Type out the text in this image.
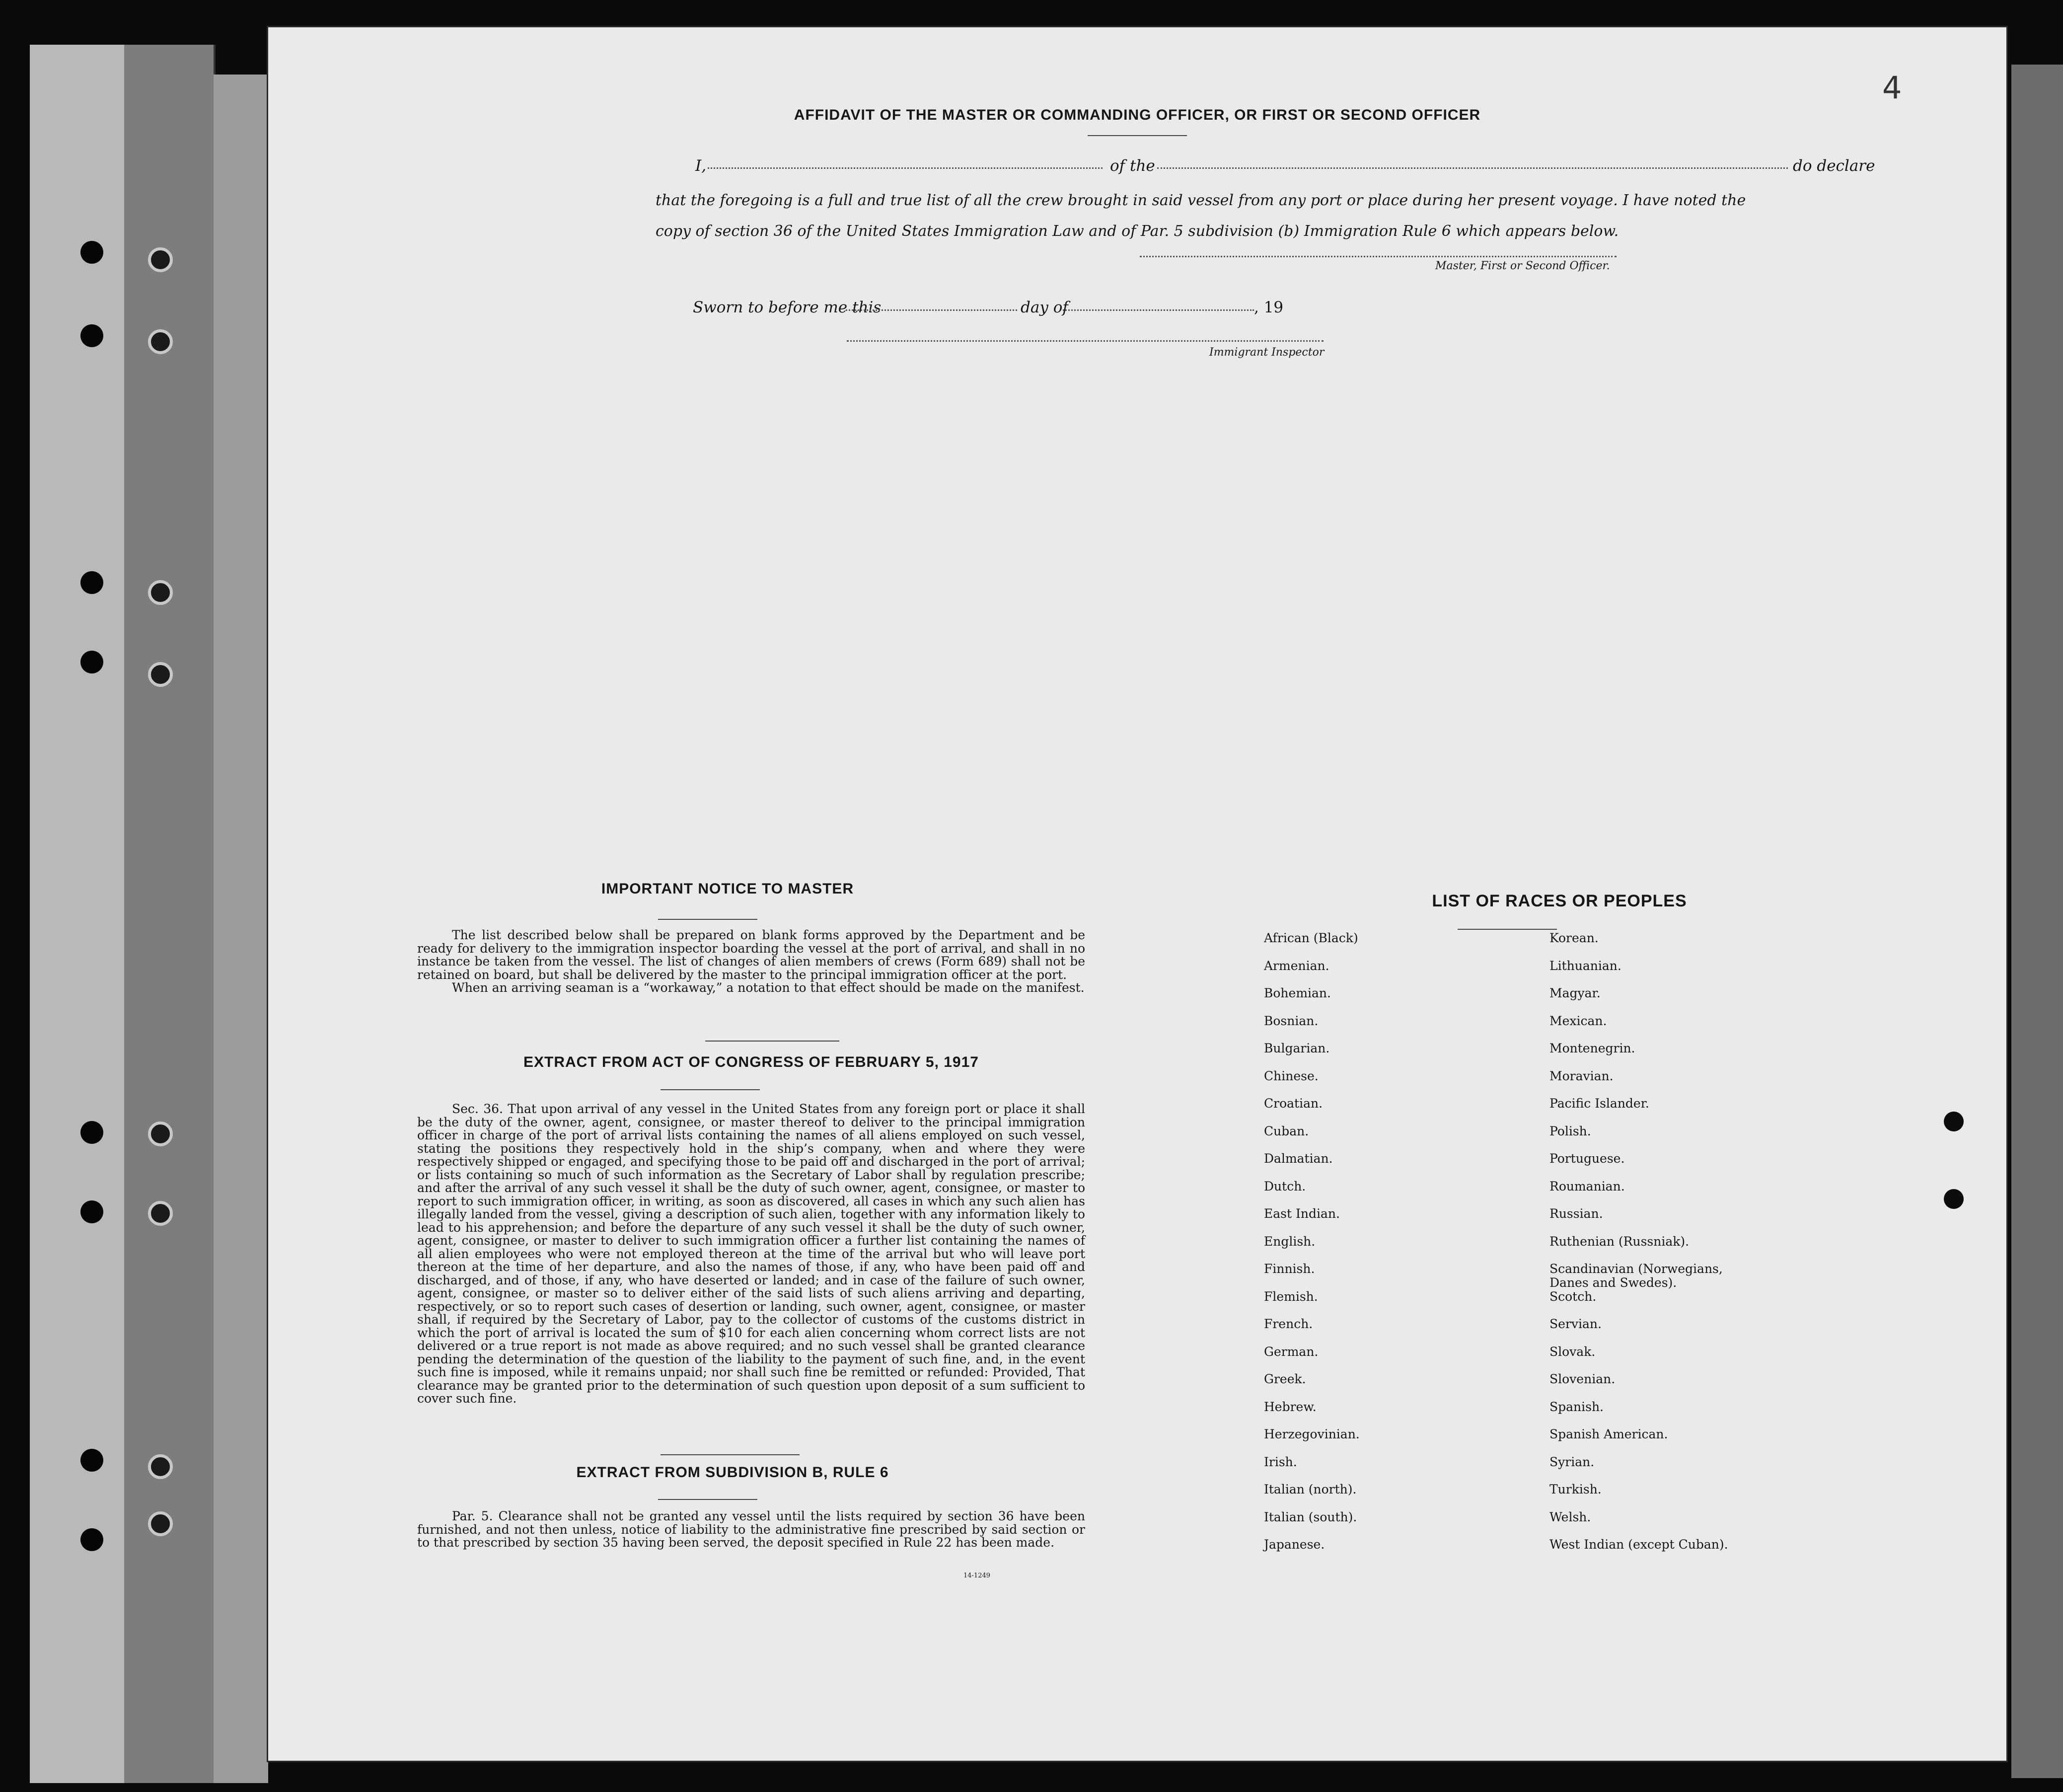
4
AFFIDAVIT OF THE MASTER OR COMMANDING OFFICER, OR FIRST OR SECOND OFFICER
I,	of the	do declare
that the foregoing is a full and true list of all the crew brought in said vessel from any port or place during her present voyage. I have noted the
copy of section 36 of the United States Immigration Law and of Par. 5 subdivision (b) Immigration Rule 6 which appears below.
Master, First or Second Officer.
Sworn to before me this	day of	, 19
Immigrant Inspector
IMPORTANT NOTICE TO MASTER

The list described below shall be prepared on blank forms approved by the Department and be ready for delivery to the immigration inspector boarding the vessel at the port of arrival, and shall in no instance be taken from the vessel. The list of changes of alien members of crews (Form 689) shall not be retained on board, but shall be delivered by the master to the principal immigration officer at the port.

When an arriving seaman is a “workaway,” a notation to that effect should be made on the manifest.

EXTRACT FROM ACT OF CONGRESS OF FEBRUARY 5, 1917

Sec. 36. That upon arrival of any vessel in the United States from any foreign port or place it shall be the duty of the owner, agent, consignee, or master thereof to deliver to the principal immigration officer in charge of the port of arrival lists containing the names of all aliens employed on such vessel, stating the positions they respectively hold in the ship’s company, when and where they were respectively shipped or engaged, and specifying those to be paid off and discharged in the port of arrival; or lists containing so much of such information as the Secretary of Labor shall by regulation prescribe; and after the arrival of any such vessel it shall be the duty of such owner, agent, consignee, or master to report to such immigration officer, in writing, as soon as discovered, all cases in which any such alien has illegally landed from the vessel, giving a description of such alien, together with any information likely to lead to his apprehension; and before the departure of any such vessel it shall be the duty of such owner, agent, consignee, or master to deliver to such immigration officer a further list containing the names of all alien employees who were not employed thereon at the time of the arrival but who will leave port thereon at the time of her departure, and also the names of those, if any, who have been paid off and discharged, and of those, if any, who have deserted or landed; and in case of the failure of such owner, agent, consignee, or master so to deliver either of the said lists of such aliens arriving and departing, respectively, or so to report such cases of desertion or landing, such owner, agent, consignee, or master shall, if required by the Secretary of Labor, pay to the collector of customs of the customs district in which the port of arrival is located the sum of $10 for each alien concerning whom correct lists are not delivered or a true report is not made as above required; and no such vessel shall be granted clearance pending the determination of the question of the liability to the payment of such fine, and, in the event such fine is imposed, while it remains unpaid; nor shall such fine be remitted or refunded: Provided, That clearance may be granted prior to the determination of such question upon deposit of a sum sufficient to cover such fine.

EXTRACT FROM SUBDIVISION B, RULE 6

Par. 5. Clearance shall not be granted any vessel until the lists required by section 36 have been furnished, and not then unless, notice of liability to the administrative fine prescribed by said section or to that prescribed by section 35 having been served, the deposit specified in Rule 22 has been made.

14-1249
LIST OF RACES OR PEOPLES
African (Black)
Armenian.
Bohemian.
Bosnian.
Bulgarian.
Chinese.
Croatian.
Cuban.
Dalmatian.
Dutch.
East Indian.
English.
Finnish.
Flemish.
French.
German.
Greek.
Hebrew.
Herzegovinian.
Irish.
Italian (north).
Italian (south).
Japanese.
Korean.
Lithuanian.
Magyar.
Mexican.
Montenegrin.
Moravian.
Pacific Islander.
Polish.
Portuguese.
Roumanian.
Russian.
Ruthenian (Russniak).
Scandinavian (Norwegians, Danes and Swedes).
Scotch.
Servian.
Slovak.
Slovenian.
Spanish.
Spanish American.
Syrian.
Turkish.
Welsh.
West Indian (except Cuban).
